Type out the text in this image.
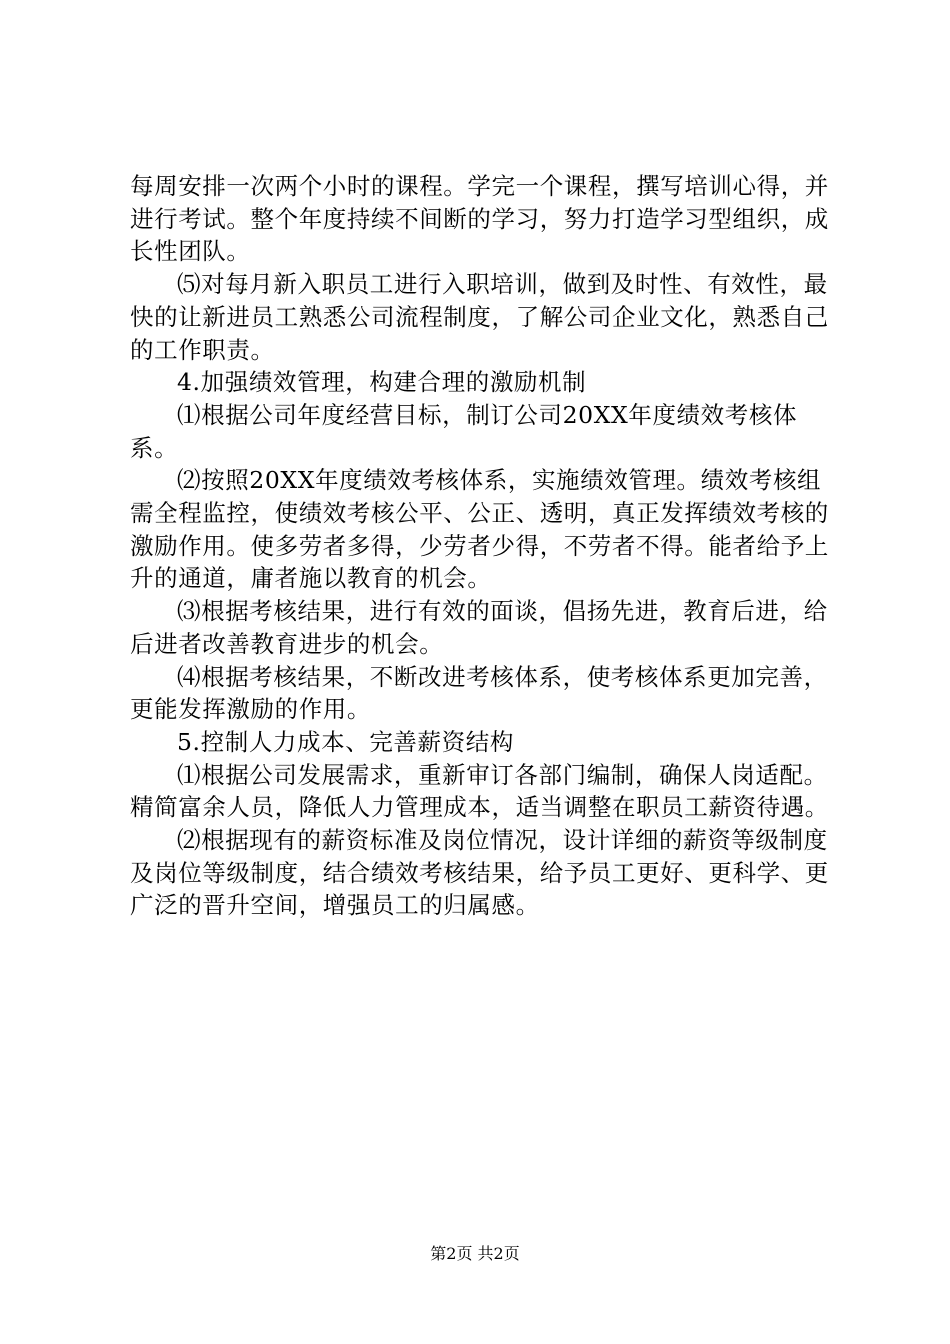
每周安排一次两个小时的课程。学完一个课程，撰写培训心得，并进行考试。整个年度持续不间断的学习，努力打造学习型组织，成长性团队。

⑸对每月新入职员工进行入职培训，做到及时性、有效性，最快的让新进员工熟悉公司流程制度，了解公司企业文化，熟悉自己的工作职责。

4.加强绩效管理，构建合理的激励机制

⑴根据公司年度经营目标，制订公司20XX年度绩效考核体系。

⑵按照20XX年度绩效考核体系，实施绩效管理。绩效考核组需全程监控，使绩效考核公平、公正、透明，真正发挥绩效考核的激励作用。使多劳者多得，少劳者少得，不劳者不得。能者给予上升的通道，庸者施以教育的机会。

⑶根据考核结果，进行有效的面谈，倡扬先进，教育后进，给后进者改善教育进步的机会。

⑷根据考核结果，不断改进考核体系，使考核体系更加完善，更能发挥激励的作用。

5.控制人力成本、完善薪资结构

⑴根据公司发展需求，重新审订各部门编制，确保人岗适配。精简富余人员，降低人力管理成本，适当调整在职员工薪资待遇。

⑵根据现有的薪资标准及岗位情况，设计详细的薪资等级制度及岗位等级制度，结合绩效考核结果，给予员工更好、更科学、更广泛的晋升空间，增强员工的归属感。

第2页 共2页
